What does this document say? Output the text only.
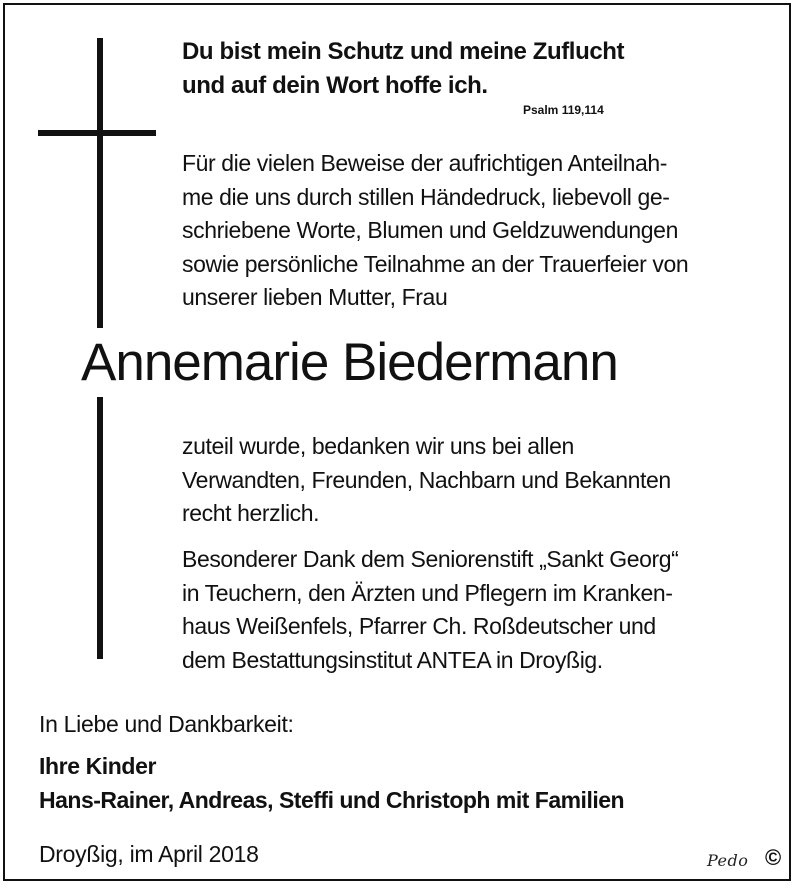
Du bist mein Schutz und meine Zuflucht
und auf dein Wort hoffe ich.
Psalm 119,114
Für die vielen Beweise der aufrichtigen Anteilnah-
me die uns durch stillen Händedruck, liebevoll ge-
schriebene Worte, Blumen und Geldzuwendungen
sowie persönliche Teilnahme an der Trauerfeier von
unserer lieben Mutter, Frau
Annemarie Biedermann
zuteil wurde, bedanken wir uns bei allen
Verwandten, Freunden, Nachbarn und Bekannten
recht herzlich.
Besonderer Dank dem Seniorenstift „Sankt Georg“
in Teuchern, den Ärzten und Pflegern im Kranken-
haus Weißenfels, Pfarrer Ch. Roßdeutscher und
dem Bestattungsinstitut ANTEA in Droyßig.
In Liebe und Dankbarkeit:
Ihre Kinder
Hans-Rainer, Andreas, Steffi und Christoph mit Familien
Droyßig, im April 2018	Pedo ©
